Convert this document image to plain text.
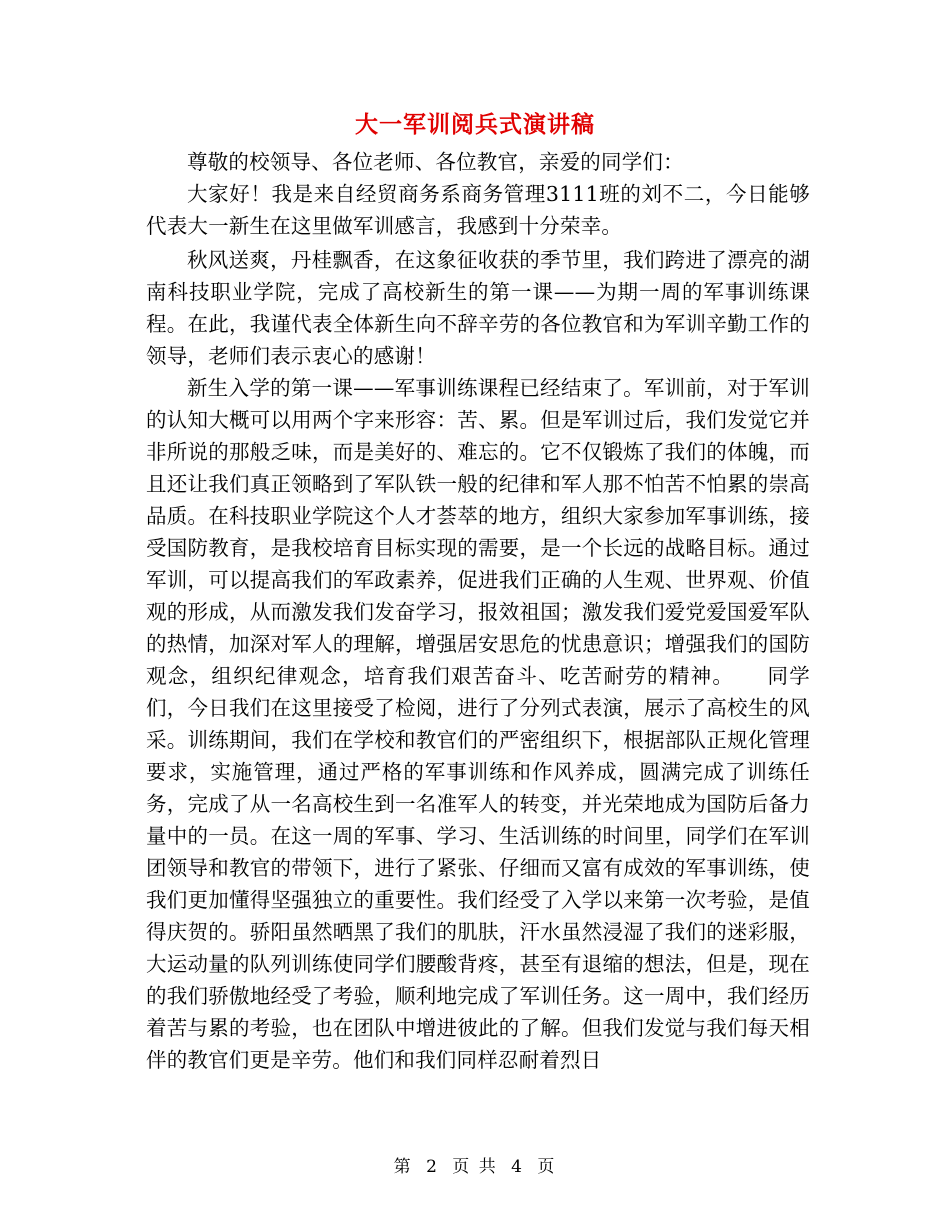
大一军训阅兵式演讲稿

尊敬的校领导、各位老师、各位教官，亲爱的同学们：

大家好！我是来自经贸商务系商务管理3111班的刘不二，今日能够代表大一新生在这里做军训感言，我感到十分荣幸。

秋风送爽，丹桂飘香，在这象征收获的季节里，我们跨进了漂亮的湖南科技职业学院，完成了高校新生的第一课——为期一周的军事训练课程。在此，我谨代表全体新生向不辞辛劳的各位教官和为军训辛勤工作的领导，老师们表示衷心的感谢！

新生入学的第一课——军事训练课程已经结束了。军训前，对于军训的认知大概可以用两个字来形容：苦、累。但是军训过后，我们发觉它并非所说的那般乏味，而是美好的、难忘的。它不仅锻炼了我们的体魄，而且还让我们真正领略到了军队铁一般的纪律和军人那不怕苦不怕累的崇高品质。在科技职业学院这个人才荟萃的地方，组织大家参加军事训练，接受国防教育，是我校培育目标实现的需要，是一个长远的战略目标。通过军训，可以提高我们的军政素养，促进我们正确的人生观、世界观、价值观的形成，从而激发我们发奋学习，报效祖国；激发我们爱党爱国爱军队的热情，加深对军人的理解，增强居安思危的忧患意识；增强我们的国防观念，组织纪律观念，培育我们艰苦奋斗、吃苦耐劳的精神。　　同学们，今日我们在这里接受了检阅，进行了分列式表演，展示了高校生的风采。训练期间，我们在学校和教官们的严密组织下，根据部队正规化管理要求，实施管理，通过严格的军事训练和作风养成，圆满完成了训练任务，完成了从一名高校生到一名准军人的转变，并光荣地成为国防后备力量中的一员。在这一周的军事、学习、生活训练的时间里，同学们在军训团领导和教官的带领下，进行了紧张、仔细而又富有成效的军事训练，使我们更加懂得坚强独立的重要性。我们经受了入学以来第一次考验，是值得庆贺的。骄阳虽然晒黑了我们的肌肤，汗水虽然浸湿了我们的迷彩服，大运动量的队列训练使同学们腰酸背疼，甚至有退缩的想法，但是，现在的我们骄傲地经受了考验，顺利地完成了军训任务。这一周中，我们经历着苦与累的考验，也在团队中增进彼此的了解。但我们发觉与我们每天相伴的教官们更是辛劳。他们和我们同样忍耐着烈日

第 2 页 共 4 页
